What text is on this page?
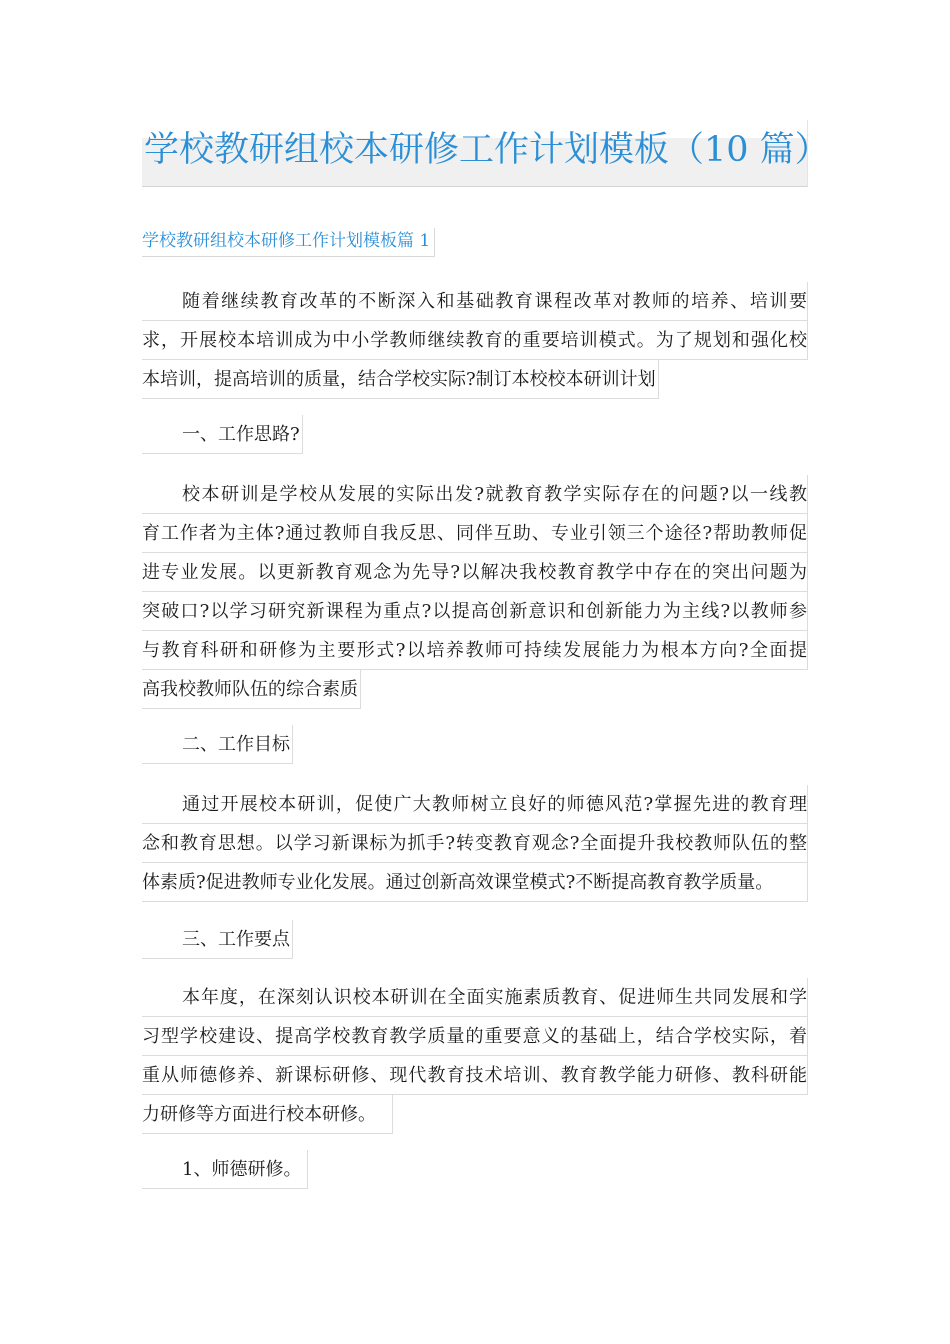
学校教研组校本研修工作计划模板（10 篇）
学校教研组校本研修工作计划模板篇 1
随着继续教育改革的不断深入和基础教育课程改革对教师的培养、培训要
求，开展校本培训成为中小学教师继续教育的重要培训模式。为了规划和强化校
本培训，提高培训的质量，结合学校实际?制订本校校本研训计划
一、工作思路?
校本研训是学校从发展的实际出发?就教育教学实际存在的问题?以一线教
育工作者为主体?通过教师自我反思、同伴互助、专业引领三个途径?帮助教师促
进专业发展。以更新教育观念为先导?以解决我校教育教学中存在的突出问题为
突破口?以学习研究新课程为重点?以提高创新意识和创新能力为主线?以教师参
与教育科研和研修为主要形式?以培养教师可持续发展能力为根本方向?全面提
高我校教师队伍的综合素质
二、工作目标
通过开展校本研训，促使广大教师树立良好的师德风范?掌握先进的教育理
念和教育思想。以学习新课标为抓手?转变教育观念?全面提升我校教师队伍的整
体素质?促进教师专业化发展。通过创新高效课堂模式?不断提高教育教学质量。
三、工作要点
本年度，在深刻认识校本研训在全面实施素质教育、促进师生共同发展和学
习型学校建设、提高学校教育教学质量的重要意义的基础上，结合学校实际，着
重从师德修养、新课标研修、现代教育技术培训、教育教学能力研修、教科研能
力研修等方面进行校本研修。
1、师德研修。
